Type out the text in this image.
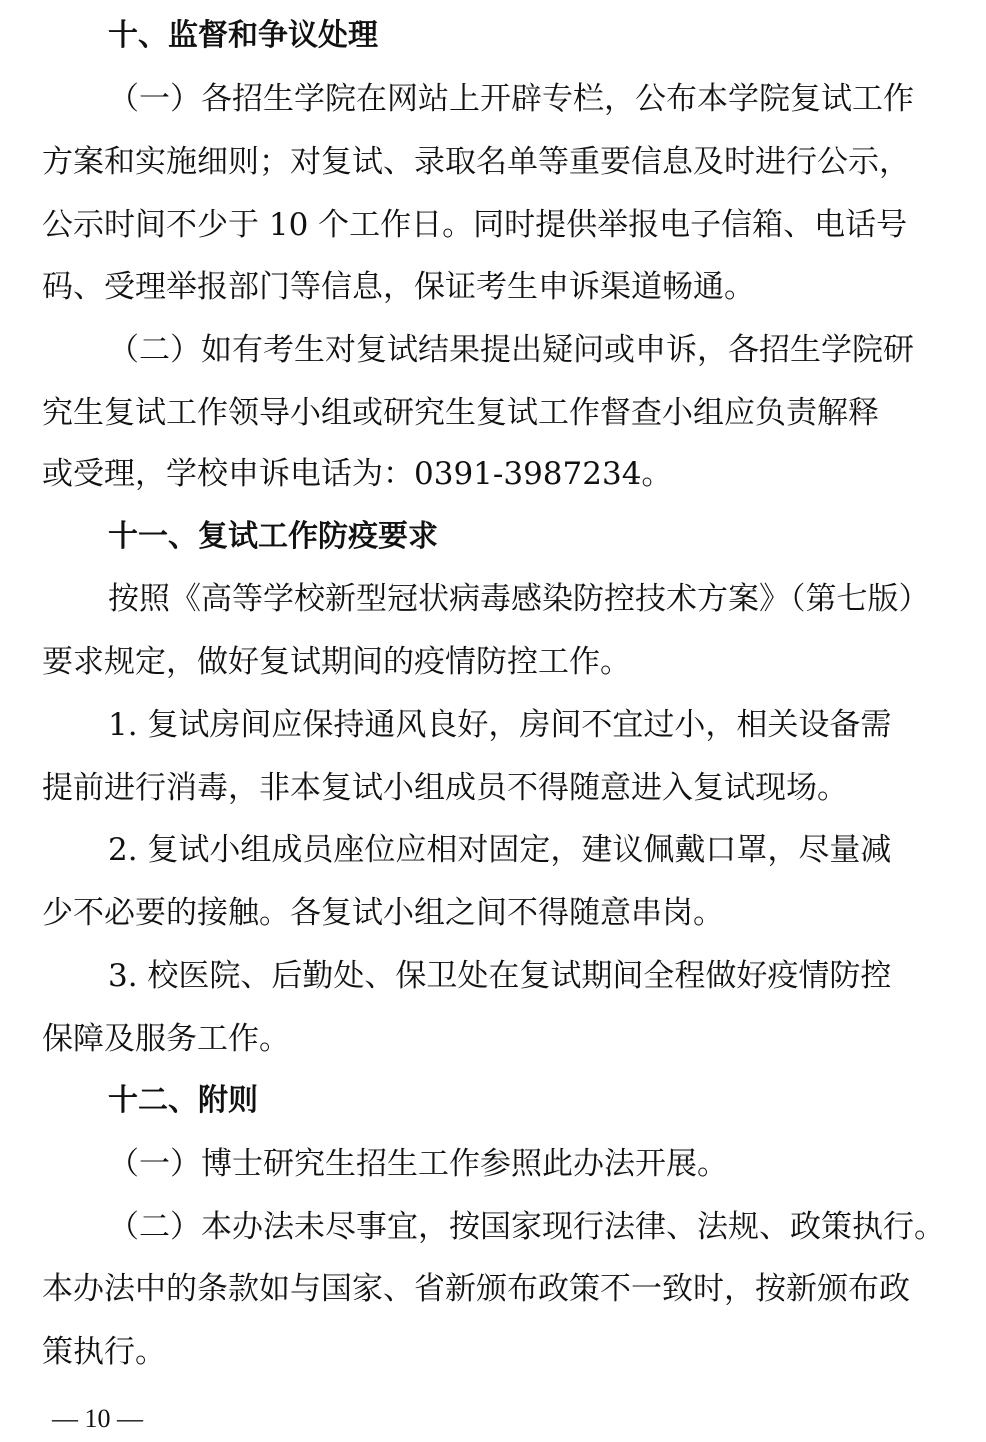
十、监督和争议处理
（一）各招生学院在网站上开辟专栏，公布本学院复试工作
方案和实施细则；对复试、录取名单等重要信息及时进行公示，
公示时间不少于 10 个工作日。同时提供举报电子信箱、电话号
码、受理举报部门等信息，保证考生申诉渠道畅通。
（二）如有考生对复试结果提出疑问或申诉，各招生学院研
究生复试工作领导小组或研究生复试工作督查小组应负责解释
或受理，学校申诉电话为：0391-3987234。
十一、复试工作防疫要求
按照《高等学校新型冠状病毒感染防控技术方案》（第七版）
要求规定，做好复试期间的疫情防控工作。
1. 复试房间应保持通风良好，房间不宜过小，相关设备需
提前进行消毒，非本复试小组成员不得随意进入复试现场。
2. 复试小组成员座位应相对固定，建议佩戴口罩，尽量减
少不必要的接触。各复试小组之间不得随意串岗。
3. 校医院、后勤处、保卫处在复试期间全程做好疫情防控
保障及服务工作。
十二、附则
（一）博士研究生招生工作参照此办法开展。
（二）本办法未尽事宜，按国家现行法律、法规、政策执行。
本办法中的条款如与国家、省新颁布政策不一致时，按新颁布政
策执行。
— 10 —
